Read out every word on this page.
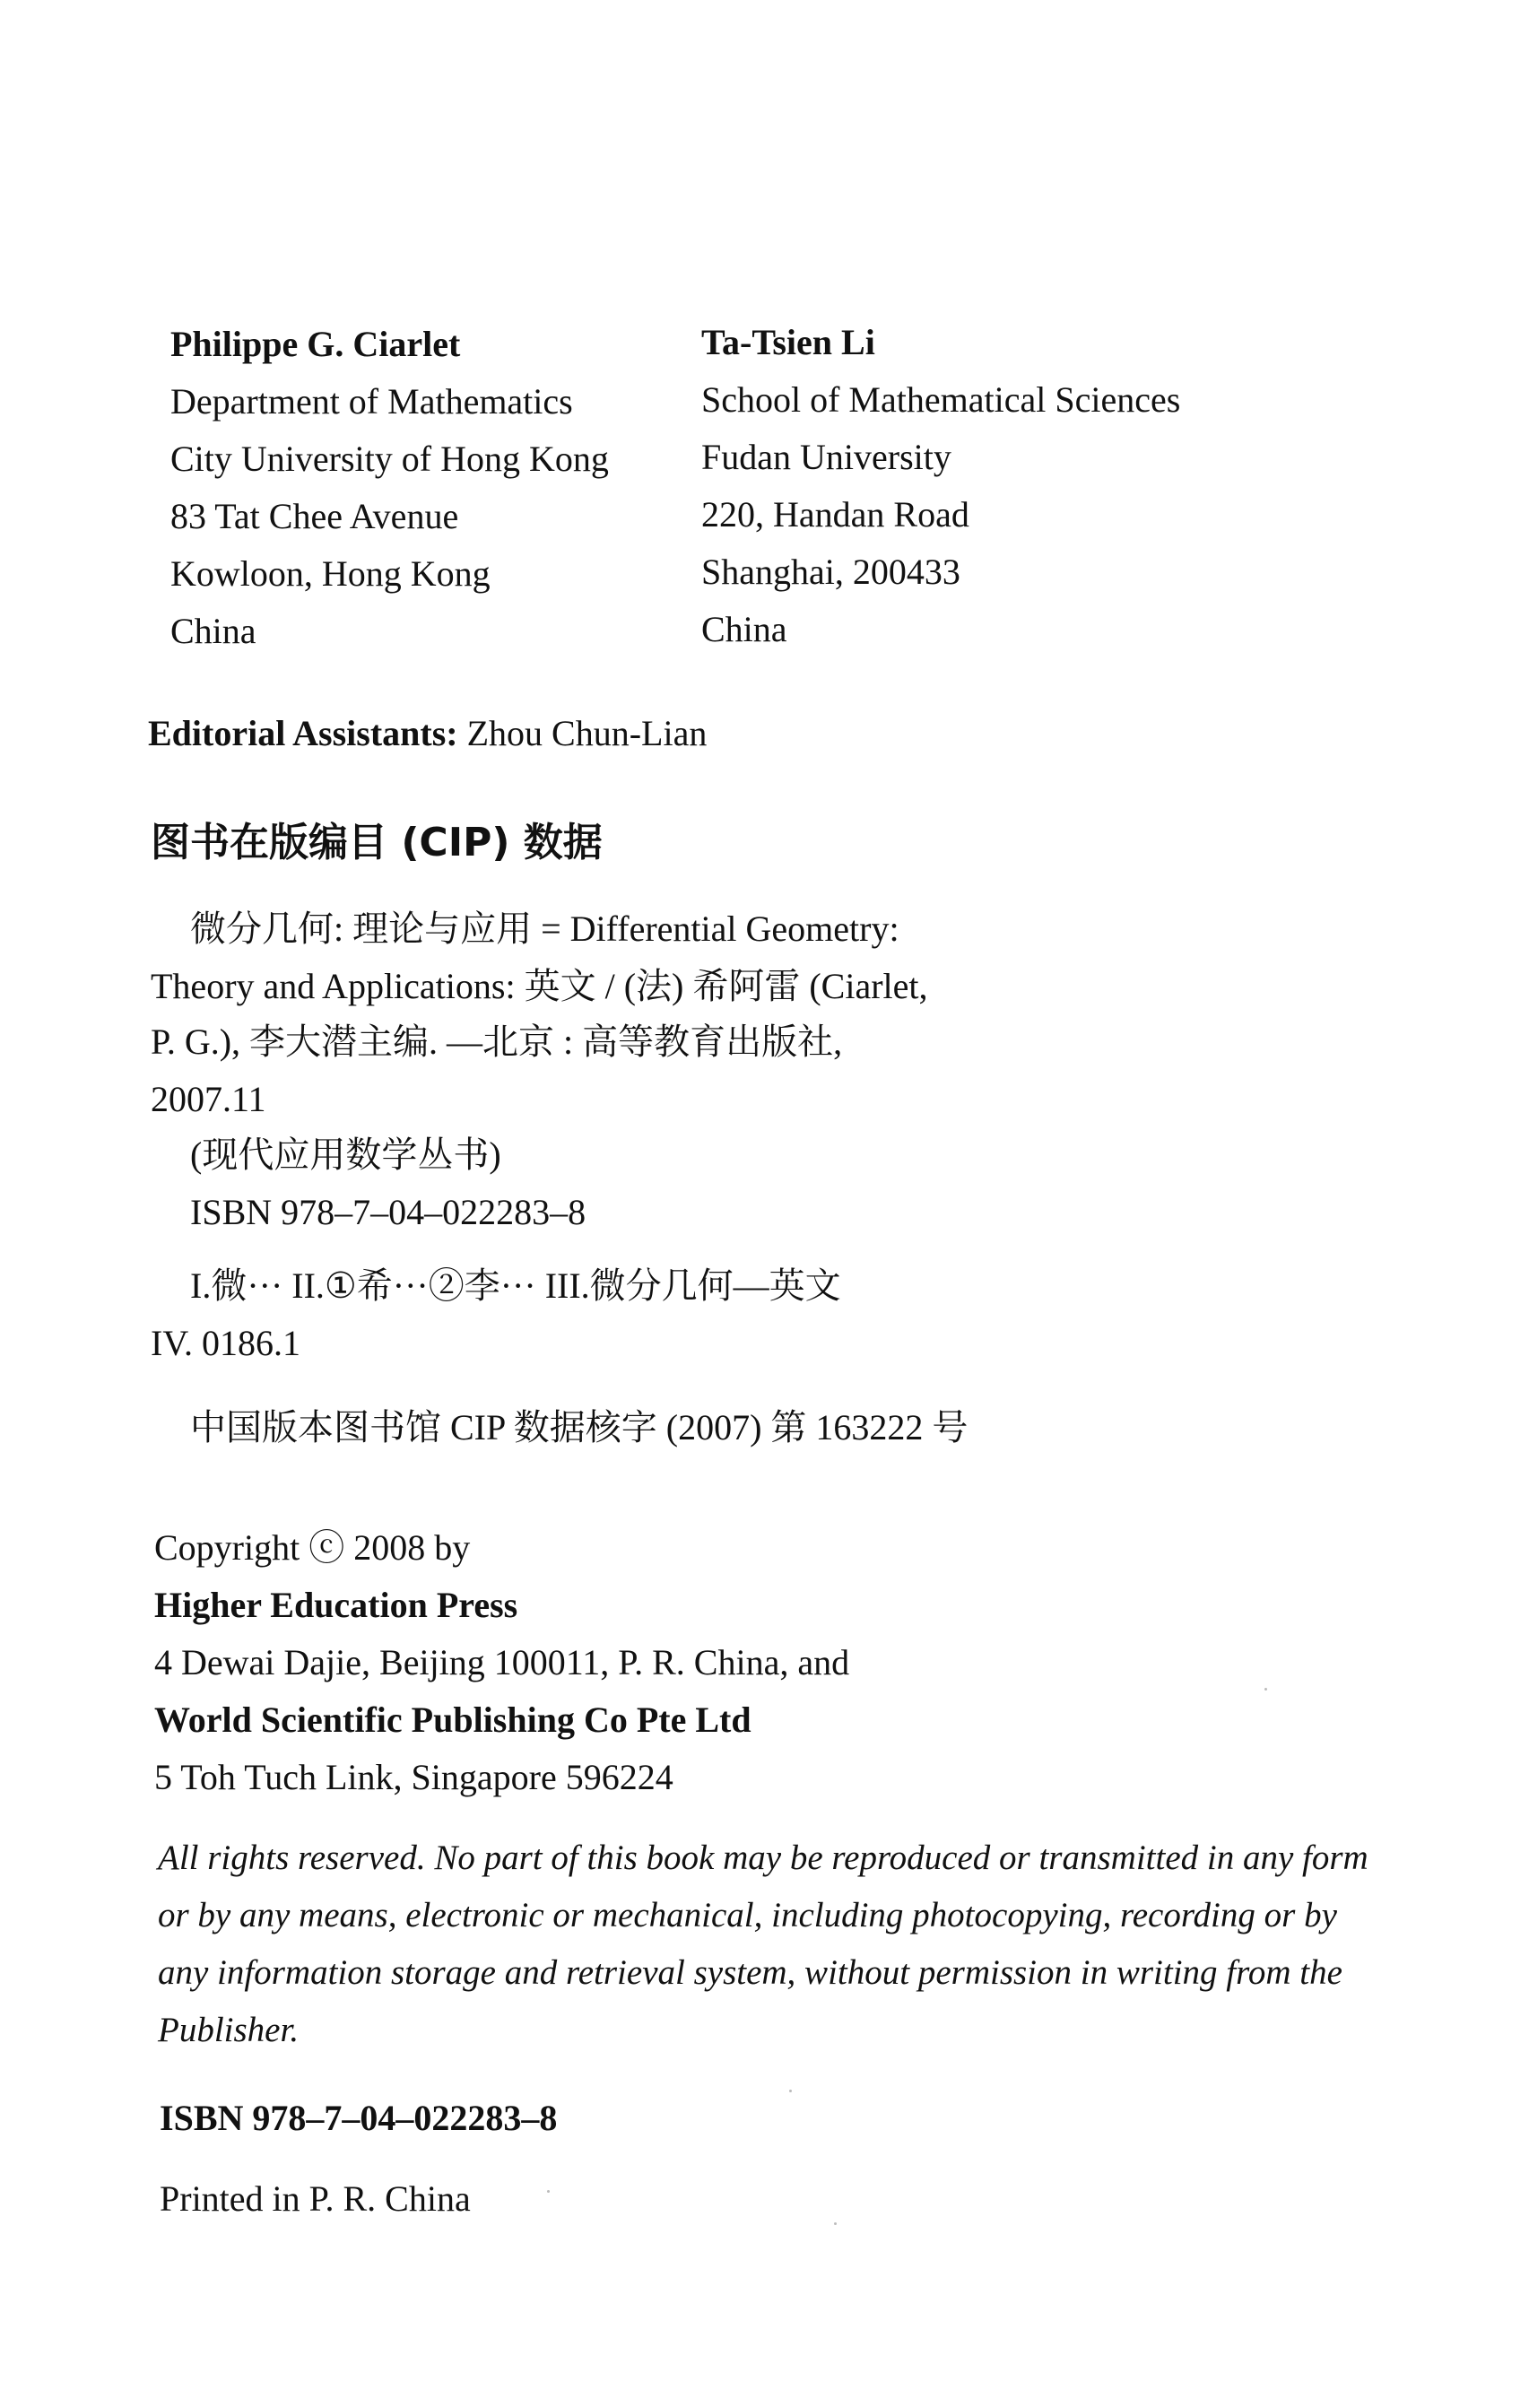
Philippe G. Ciarlet
Department of Mathematics
City University of Hong Kong
83 Tat Chee Avenue
Kowloon, Hong Kong
China
Ta-Tsien Li
School of Mathematical Sciences
Fudan University
220, Handan Road
Shanghai, 200433
China
Editorial Assistants: Zhou Chun-Lian
图书在版编目 (CIP) 数据
微分几何: 理论与应用 = Differential Geometry:
Theory and Applications: 英文 / (法) 希阿雷 (Ciarlet,
P. G.), 李大潜主编. —北京 : 高等教育出版社,
2007.11
(现代应用数学丛书)
ISBN 978–7–04–022283–8
I.微··· II.①希···②李··· III.微分几何—英文
IV. 0186.1
中国版本图书馆 CIP 数据核字 (2007) 第 163222 号
Copyright ⓒ 2008 by
Higher Education Press
4 Dewai Dajie, Beijing 100011, P. R. China, and
World Scientific Publishing Co Pte Ltd
5 Toh Tuch Link, Singapore 596224
All rights reserved. No part of this book may be reproduced or transmitted in any form
or by any means, electronic or mechanical, including photocopying, recording or by
any information storage and retrieval system, without permission in writing from the
Publisher.
ISBN 978–7–04–022283–8
Printed in P. R. China
